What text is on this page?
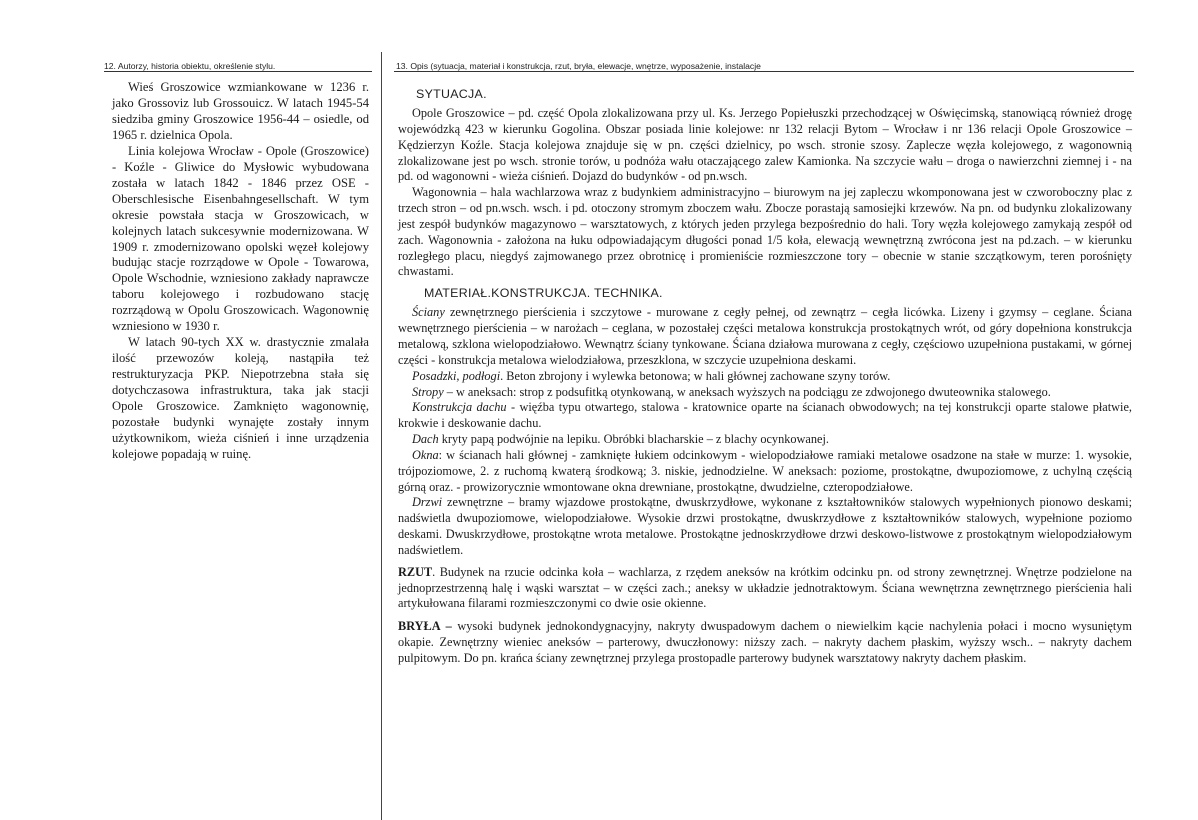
12. Autorzy, historia obiektu, określenie stylu.	13. Opis (sytuacja, materiał i konstrukcja, rzut, bryła, elewacje, wnętrze, wyposażenie, instalacje

Wieś Groszowice wzmiankowane w 1236 r. jako Grossoviz lub Grossouicz. W latach 1945-54 siedziba gminy Groszowice 1956-44 – osiedle, od 1965 r. dzielnica Opola.

Linia kolejowa Wrocław - Opole (Groszowice) - Koźle - Gliwice do Mysłowic wybudowana została w latach 1842 - 1846 przez OSE - Oberschlesische Eisenbahngesellschaft. W tym okresie powstała stacja w Groszowicach, w kolejnych latach sukcesywnie modernizowana. W 1909 r. zmodernizowano opolski węzeł kolejowy budując stacje rozrządowe w Opole - Towarowa, Opole Wschodnie, wzniesiono zakłady naprawcze taboru kolejowego i rozbudowano stację rozrządową w Opolu Groszowicach. Wagonownię wzniesiono w 1930 r.

W latach 90-tych XX w. drastycznie zmalała ilość przewozów koleją, nastąpiła też restrukturyzacja PKP. Niepotrzebna stała się dotychczasowa infrastruktura, taka jak stacji Opole Groszowice. Zamknięto wagonownię, pozostałe budynki wynajęte zostały innym użytkownikom, wieża ciśnień i inne urządzenia kolejowe popadają w ruinę.

SYTUACJA.

Opole Groszowice – pd. część Opola zlokalizowana przy ul. Ks. Jerzego Popiełuszki przechodzącej w Oświęcimską, stanowiącą również drogę wojewódzką 423 w kierunku Gogolina. Obszar posiada linie kolejowe: nr 132 relacji Bytom – Wrocław i nr 136 relacji Opole Groszowice – Kędzierzyn Koźle. Stacja kolejowa znajduje się w pn. części dzielnicy, po wsch. stronie szosy. Zaplecze węzła kolejowego, z wagonownią zlokalizowane jest po wsch. stronie torów, u podnóża wału otaczającego zalew Kamionka. Na szczycie wału – droga o nawierzchni ziemnej i - na pd. od wagonowni - wieża ciśnień. Dojazd do budynków - od pn.wsch.

Wagonownia – hala wachlarzowa wraz z budynkiem administracyjno – biurowym na jej zapleczu wkomponowana jest w czworoboczny plac z trzech stron – od pn.wsch. wsch. i pd. otoczony stromym zboczem wału. Zbocze porastają samosiejki krzewów. Na pn. od budynku zlokalizowany jest zespół budynków magazynowo – warsztatowych, z których jeden przylega bezpośrednio do hali. Tory węzła kolejowego zamykają zespół od zach. Wagonownia - założona na łuku odpowiadającym długości ponad 1/5 koła, elewacją wewnętrzną zwrócona jest na pd.zach. – w kierunku rozległego placu, niegdyś zajmowanego przez obrotnicę i promieniście rozmieszczone tory – obecnie w stanie szczątkowym, teren porośnięty chwastami.

MATERIAŁ.KONSTRUKCJA. TECHNIKA.

Ściany zewnętrznego pierścienia i szczytowe - murowane z cegły pełnej, od zewnątrz – cegła licówka. Lizeny i gzymsy – ceglane. Ściana wewnętrznego pierścienia – w narożach – ceglana, w pozostałej części metalowa konstrukcja prostokątnych wrót, od góry dopełniona konstrukcja metalową, szklona wielopodziałowo. Wewnątrz ściany tynkowane. Ściana działowa murowana z cegły, częściowo uzupełniona pustakami, w górnej części - konstrukcja metalowa wielodziałowa, przeszklona, w szczycie uzupełniona deskami.

Posadzki, podłogi. Beton zbrojony i wylewka betonowa; w hali głównej zachowane szyny torów.

Stropy – w aneksach: strop z podsufitką otynkowaną, w aneksach wyższych na podciągu ze zdwojonego dwuteownika stalowego.

Konstrukcja dachu - więźba typu otwartego, stalowa - kratownice oparte na ścianach obwodowych; na tej konstrukcji oparte stalowe płatwie, krokwie i deskowanie dachu.

Dach kryty papą podwójnie na lepiku. Obróbki blacharskie – z blachy ocynkowanej.

Okna: w ścianach hali głównej - zamknięte łukiem odcinkowym - wielopodziałowe ramiaki metalowe osadzone na stałe w murze: 1. wysokie, trójpoziomowe, 2. z ruchomą kwaterą środkową; 3. niskie, jednodzielne. W aneksach: poziome, prostokątne, dwupoziomowe, z uchylną częścią górną oraz. - prowizorycznie wmontowane okna drewniane, prostokątne, dwudzielne, czteropodziałowe.

Drzwi zewnętrzne – bramy wjazdowe prostokątne, dwuskrzydłowe, wykonane z kształtowników stalowych wypełnionych pionowo deskami; nadświetla dwupoziomowe, wielopodziałowe. Wysokie drzwi prostokątne, dwuskrzydłowe z kształtowników stalowych, wypełnione poziomo deskami. Dwuskrzydłowe, prostokątne wrota metalowe. Prostokątne jednoskrzydłowe drzwi deskowo-listwowe z prostokątnym wielopodziałowym nadświetlem.

RZUT. Budynek na rzucie odcinka koła – wachlarza, z rzędem aneksów na krótkim odcinku pn. od strony zewnętrznej. Wnętrze podzielone na jednoprzestrzenną halę i wąski warsztat – w części zach.; aneksy w układzie jednotraktowym. Ściana wewnętrzna zewnętrznego pierścienia hali artykułowana filarami rozmieszczonymi co dwie osie okienne.

BRYŁA – wysoki budynek jednokondygnacyjny, nakryty dwuspadowym dachem o niewielkim kącie nachylenia połaci i mocno wysuniętym okapie. Zewnętrzny wieniec aneksów – parterowy, dwuczłonowy: niższy zach. – nakryty dachem płaskim, wyższy wsch.. – nakryty dachem pulpitowym. Do pn. krańca ściany zewnętrznej przylega prostopadle parterowy budynek warsztatowy nakryty dachem płaskim.
